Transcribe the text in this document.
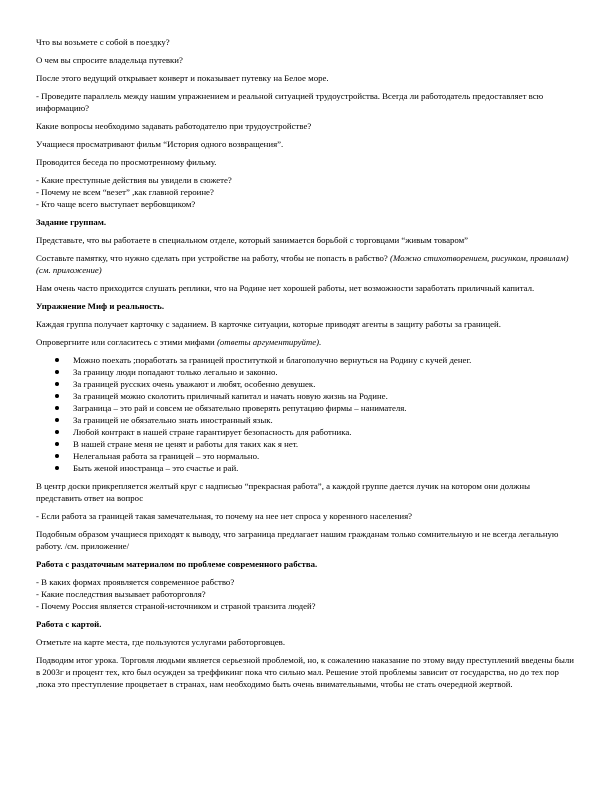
Что вы возьмете с собой в поездку?

О чем вы спросите владельца путевки?

После этого ведущий открывает конверт и показывает путевку на Белое море.

- Проведите параллель между нашим упражнением и реальной ситуацией трудоустройства. Всегда ли работодатель предоставляет всю информацию?

Какие вопросы необходимо задавать работодателю при трудоустройстве?

Учащиеся просматривают фильм “История одного возвращения”.

Проводится беседа по просмотренному фильму.

- Какие преступные действия вы увидели в сюжете?
- Почему не всем “везет” ,как главной героине?
- Кто чаще всего выступает вербовщиком?

Задание группам.

Представьте, что вы работаете в специальном отделе, который занимается борьбой с торговцами “живым товаром”

Составьте памятку, что нужно сделать при устройстве на работу, чтобы не попасть в рабство? (Можно стихотворением, рисунком, правилам) (см. приложение)

Нам очень часто приходится слушать реплики, что на Родине нет хорошей работы, нет возможности заработать приличный капитал.

Упражнение Миф и реальность.

Каждая группа получает карточку с заданием. В карточке ситуации, которые приводят агенты в защиту работы за границей.

Опровергните или согласитесь с этими мифами (ответы аргументируйте).

Можно поехать ;поработать за границей проституткой и благополучно вернуться на Родину с кучей денег.
За границу люди попадают только легально и законно.
За границей русских очень уважают и любят, особенно девушек.
За границей можно сколотить приличный капитал и начать новую жизнь на Родине.
Заграница – это рай и совсем не обязательно проверять репутацию фирмы – нанимателя.
За границей не обязательно знать иностранный язык.
Любой контракт в нашей стране гарантирует безопасность для работника.
В нашей стране меня не ценят и работы для таких как я нет.
Нелегальная работа за границей – это нормально.
Быть женой иностранца – это счастье и рай.

В центр доски прикрепляется желтый круг с надписью “прекрасная работа”, а каждой группе дается лучик на котором они должны представить ответ на вопрос

- Если работа за границей такая замечательная, то почему на нее нет спроса у коренного населения?

Подобным образом учащиеся приходят к выводу, что заграница предлагает нашим гражданам только сомнительную и не всегда легальную работу. /см. приложение/

Работа с раздаточным материалом по проблеме современного рабства.

- В каких формах проявляется современное рабство?
- Какие последствия вызывает работорговля?
- Почему Россия является страной-источником и страной транзита людей?

Работа с картой.

Отметьте на карте места, где пользуются услугами работорговцев.

Подводим итог урока. Торговля людьми является серьезной проблемой, но, к сожалению наказание по этому виду преступлений введены были в 2003г и процент тех, кто был осужден за треффикинг пока что сильно мал. Решение этой проблемы зависит от государства, но до тех пор ,пока это преступление процветает в странах, нам необходимо быть очень внимательными, чтобы не стать очередной жертвой.
